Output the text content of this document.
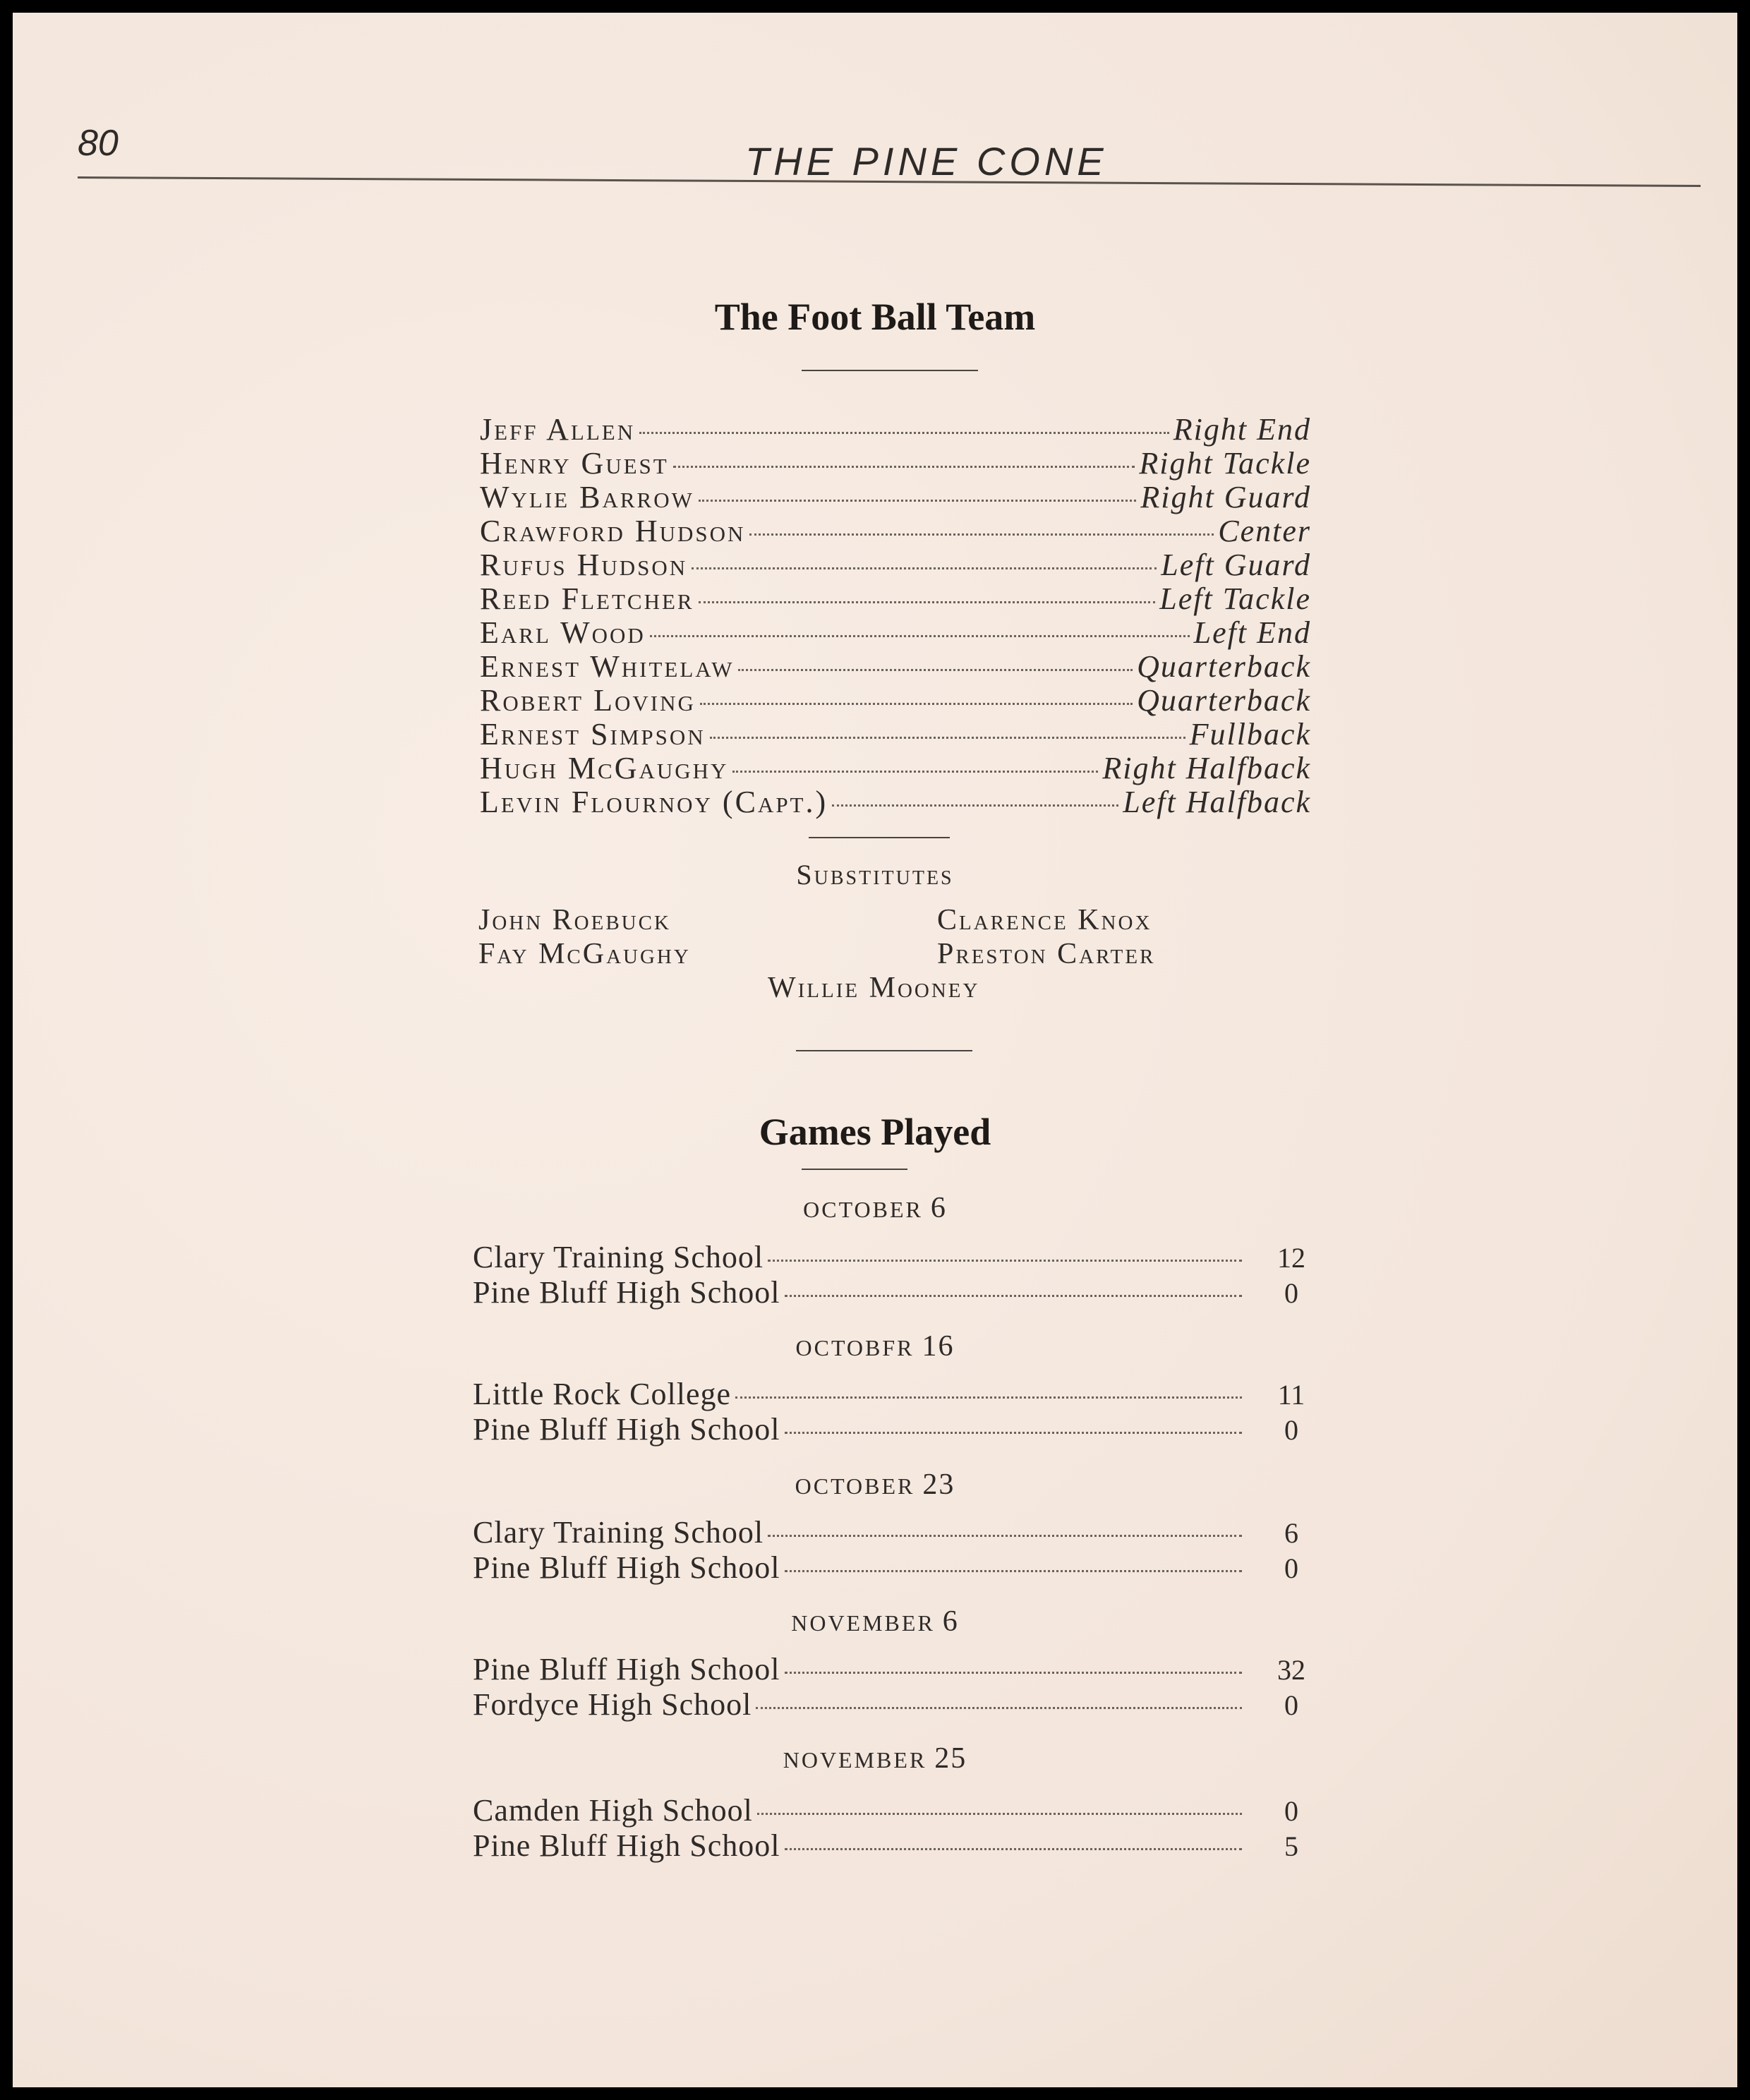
80	THE PINE CONE
The Foot Ball Team
Jeff Allen	Right End
Henry Guest	Right Tackle
Wylie Barrow	Right Guard
Crawford Hudson	Center
Rufus Hudson	Left Guard
Reed Fletcher	Left Tackle
Earl Wood	Left End
Ernest Whitelaw	Quarterback
Robert Loving	Quarterback
Ernest Simpson	Fullback
Hugh McGaughy	Right Halfback
Levin Flournoy (Capt.)	Left Halfback
Substitutes
John Roebuck	Clarence Knox
Fay McGaughy	Preston Carter
Willie Mooney
Games Played
OCTOBER 6
Clary Training School	12
Pine Bluff High School	0
OCTOBFR 16
Little Rock College	11
Pine Bluff High School	0
OCTOBER 23
Clary Training School	6
Pine Bluff High School	0
NOVEMBER 6
Pine Bluff High School	32
Fordyce High School	0
NOVEMBER 25
Camden High School	0
Pine Bluff High School	5
